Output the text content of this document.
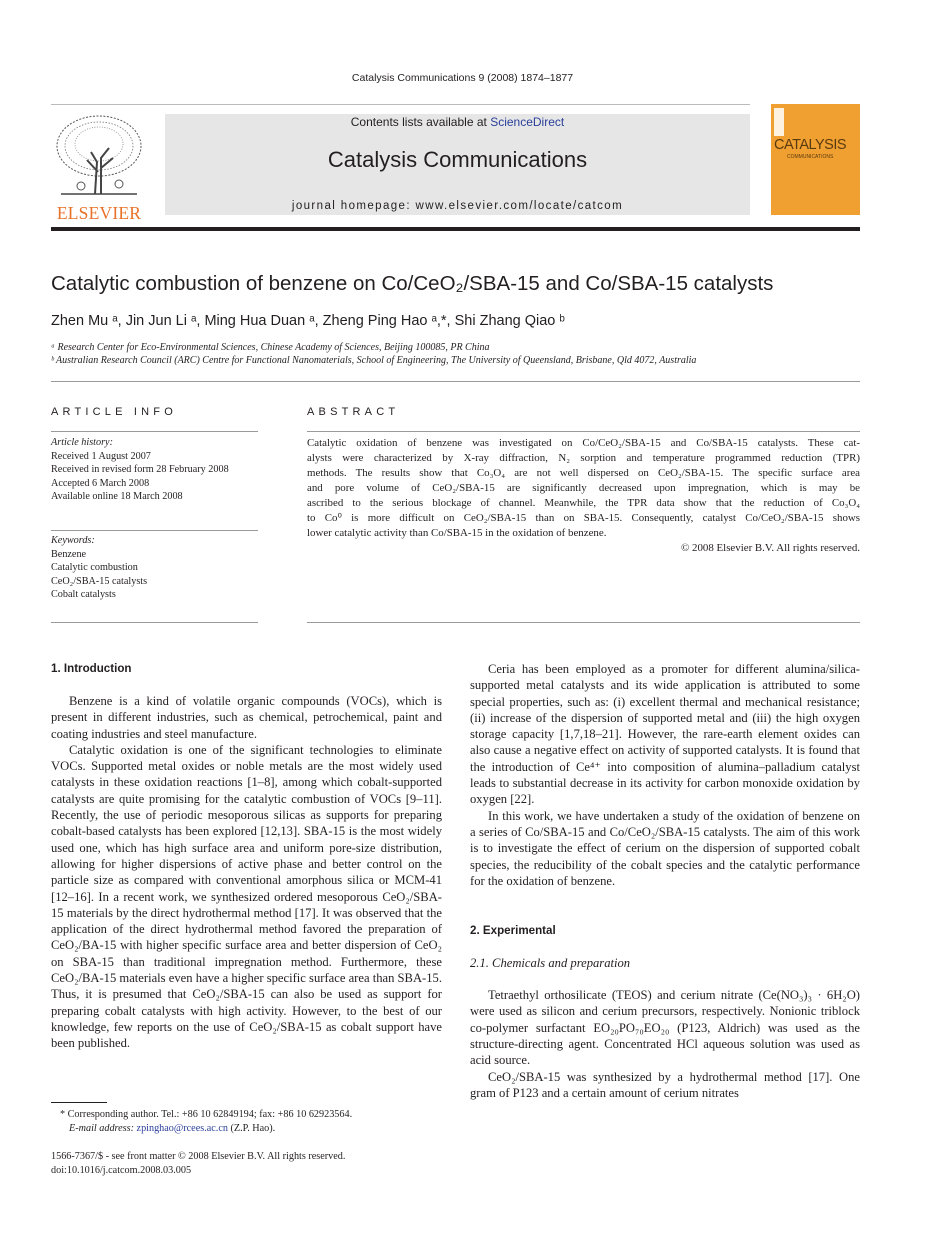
Catalysis Communications 9 (2008) 1874–1877
ELSEVIER
Contents lists available at ScienceDirect
Catalysis Communications
journal homepage: www.elsevier.com/locate/catcom
CATALYSIS
COMMUNICATIONS
Catalytic combustion of benzene on Co/CeO₂/SBA-15 and Co/SBA-15 catalysts
Zhen Mu ᵃ, Jin Jun Li ᵃ, Ming Hua Duan ᵃ, Zheng Ping Hao ᵃ,*, Shi Zhang Qiao ᵇ
ᵃ Research Center for Eco-Environmental Sciences, Chinese Academy of Sciences, Beijing 100085, PR China
ᵇ Australian Research Council (ARC) Centre for Functional Nanomaterials, School of Engineering, The University of Queensland, Brisbane, Qld 4072, Australia
ARTICLE INFO
Article history:
Received 1 August 2007
Received in revised form 28 February 2008
Accepted 6 March 2008
Available online 18 March 2008
Keywords:
Benzene
Catalytic combustion
CeO₂/SBA-15 catalysts
Cobalt catalysts
ABSTRACT
Catalytic oxidation of benzene was investigated on Co/CeO₂/SBA-15 and Co/SBA-15 catalysts. These cat-
alysts were characterized by X-ray diffraction, N₂ sorption and temperature programmed reduction (TPR)
methods. The results show that Co₃O₄ are not well dispersed on CeO₂/SBA-15. The specific surface area
and pore volume of CeO₂/SBA-15 are significantly decreased upon impregnation, which is may be
ascribed to the serious blockage of channel. Meanwhile, the TPR data show that the reduction of Co₃O₄
to Co⁰ is more difficult on CeO₂/SBA-15 than on SBA-15. Consequently, catalyst Co/CeO₂/SBA-15 shows
lower catalytic activity than Co/SBA-15 in the oxidation of benzene.
© 2008 Elsevier B.V. All rights reserved.
1. Introduction

Benzene is a kind of volatile organic compounds (VOCs), which is present in different industries, such as chemical, petrochemical, paint and coating industries and steel manufacture.

Catalytic oxidation is one of the significant technologies to eliminate VOCs. Supported metal oxides or noble metals are the most widely used catalysts in these oxidation reactions [1–8], among which cobalt-supported catalysts are quite promising for the catalytic combustion of VOCs [9–11]. Recently, the use of periodic mesoporous silicas as supports for preparing cobalt-based catalysts has been explored [12,13]. SBA-15 is the most widely used one, which has high surface area and uniform pore-size distribution, allowing for higher dispersions of active phase and better control on the particle size as compared with conventional amorphous silica or MCM-41 [12–16]. In a recent work, we synthesized ordered mesoporous CeO₂/SBA-15 materials by the direct hydrothermal method [17]. It was observed that the application of the direct hydrothermal method favored the preparation of CeO₂/BA-15 with higher specific surface area and better dispersion of CeO₂ on SBA-15 than traditional impregnation method. Furthermore, these CeO₂/BA-15 materials even have a higher specific surface area than SBA-15. Thus, it is presumed that CeO₂/SBA-15 can also be used as support for preparing cobalt catalysts with high activity. However, to the best of our knowledge, few reports on the use of CeO₂/SBA-15 as cobalt support have been published.

Ceria has been employed as a promoter for different alumina/silica-supported metal catalysts and its wide application is attributed to some special properties, such as: (i) excellent thermal and mechanical resistance; (ii) increase of the dispersion of supported metal and (iii) the high oxygen storage capacity [1,7,18–21]. However, the rare-earth element oxides can also cause a negative effect on activity of supported catalysts. It is found that the introduction of Ce⁴⁺ into composition of alumina–palladium catalyst leads to substantial decrease in its activity for carbon monoxide oxidation by oxygen [22].

In this work, we have undertaken a study of the oxidation of benzene on a series of Co/SBA-15 and Co/CeO₂/SBA-15 catalysts. The aim of this work is to investigate the effect of cerium on the dispersion of supported cobalt species, the reducibility of the cobalt species and the catalytic performance for the oxidation of benzene.

2. Experimental
2.1. Chemicals and preparation

Tetraethyl orthosilicate (TEOS) and cerium nitrate (Ce(NO₃)₃ · 6H₂O) were used as silicon and cerium precursors, respectively. Nonionic triblock co-polymer surfactant EO₂₀PO₇₀EO₂₀ (P123, Aldrich) was used as the structure-directing agent. Concentrated HCl aqueous solution was used as acid source.

CeO₂/SBA-15 was synthesized by a hydrothermal method [17]. One gram of P123 and a certain amount of cerium nitrates

* Corresponding author. Tel.: +86 10 62849194; fax: +86 10 62923564.
E-mail address: zpinghao@rcees.ac.cn (Z.P. Hao).
1566-7367/$ - see front matter © 2008 Elsevier B.V. All rights reserved.
doi:10.1016/j.catcom.2008.03.005
